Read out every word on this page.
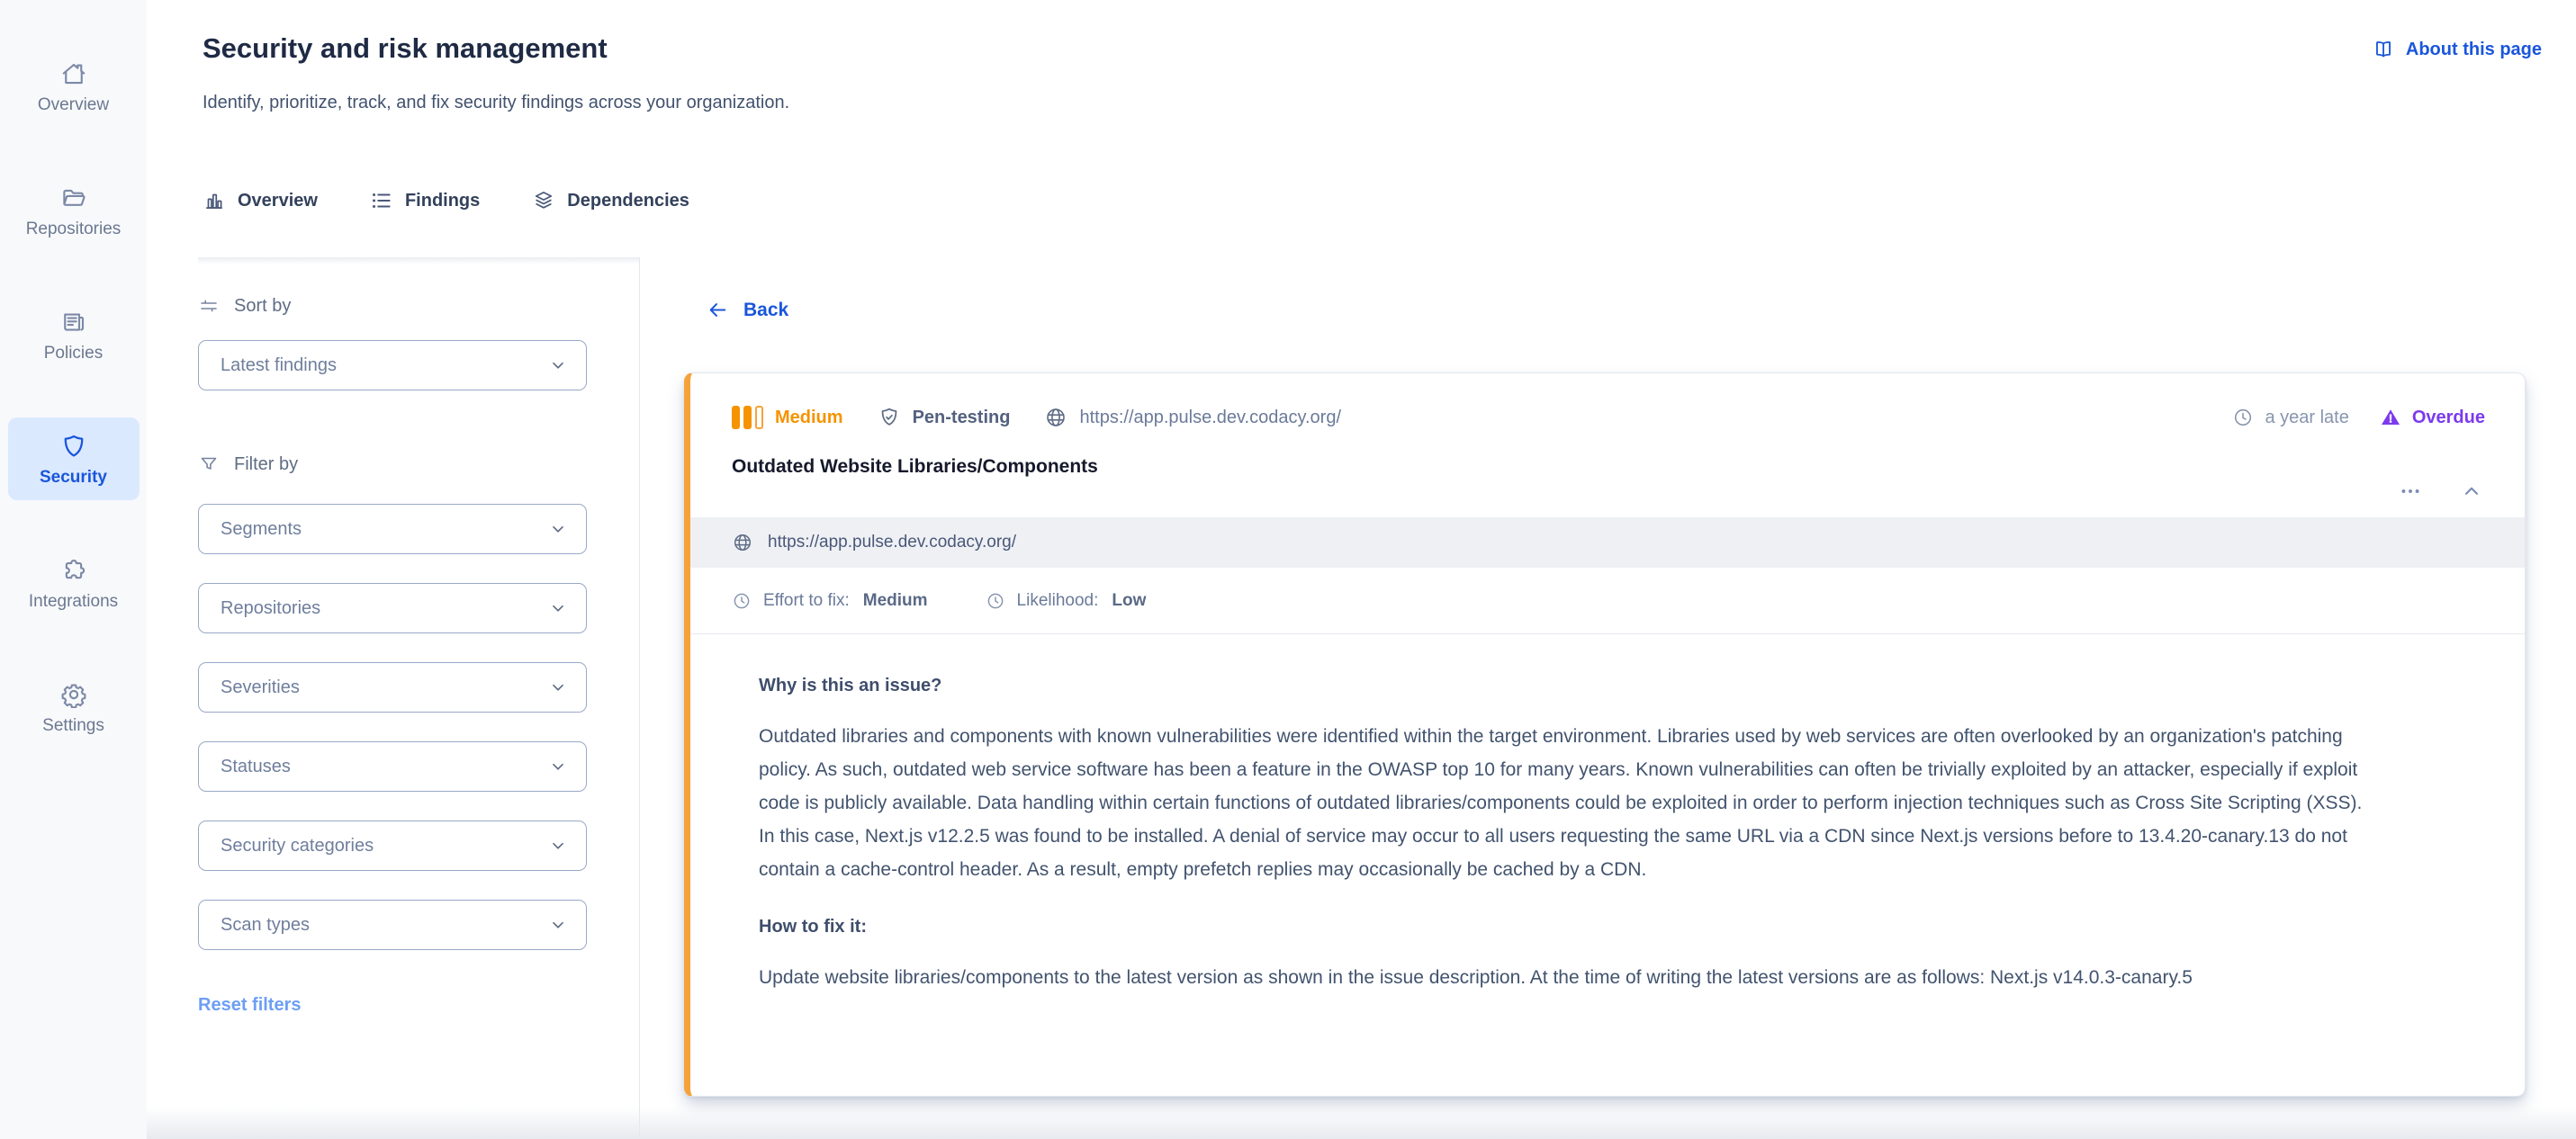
Overview
Repositories
Policies
Security
Integrations
Settings
Security and risk management

Identify, prioritize, track, and fix security findings across your organization.

About this page
Overview	Findings	Dependencies
Sort by
Latest findings
Filter by
Segments
Repositories
Severities
Statuses
Security categories
Scan types
Reset filters
Back
Medium	Pen-testing	https://app.pulse.dev.codacy.org/	a year late	Overdue
Outdated Website Libraries/Components
https://app.pulse.dev.codacy.org/
Effort to fix: Medium	Likelihood: Low
Why is this an issue?

Outdated libraries and components with known vulnerabilities were identified within the target environment. Libraries used by web services are often overlooked by an organization's patching policy. As such, outdated web service software has been a feature in the OWASP top 10 for many years. Known vulnerabilities can often be trivially exploited by an attacker, especially if exploit code is publicly available. Data handling within certain functions of outdated libraries/components could be exploited in order to perform injection techniques such as Cross Site Scripting (XSS). In this case, Next.js v12.2.5 was found to be installed. A denial of service may occur to all users requesting the same URL via a CDN since Next.js versions before to 13.4.20-canary.13 do not contain a cache-control header. As a result, empty prefetch replies may occasionally be cached by a CDN.

How to fix it:

Update website libraries/components to the latest version as shown in the issue description. At the time of writing the latest versions are as follows: Next.js v14.0.3-canary.5
